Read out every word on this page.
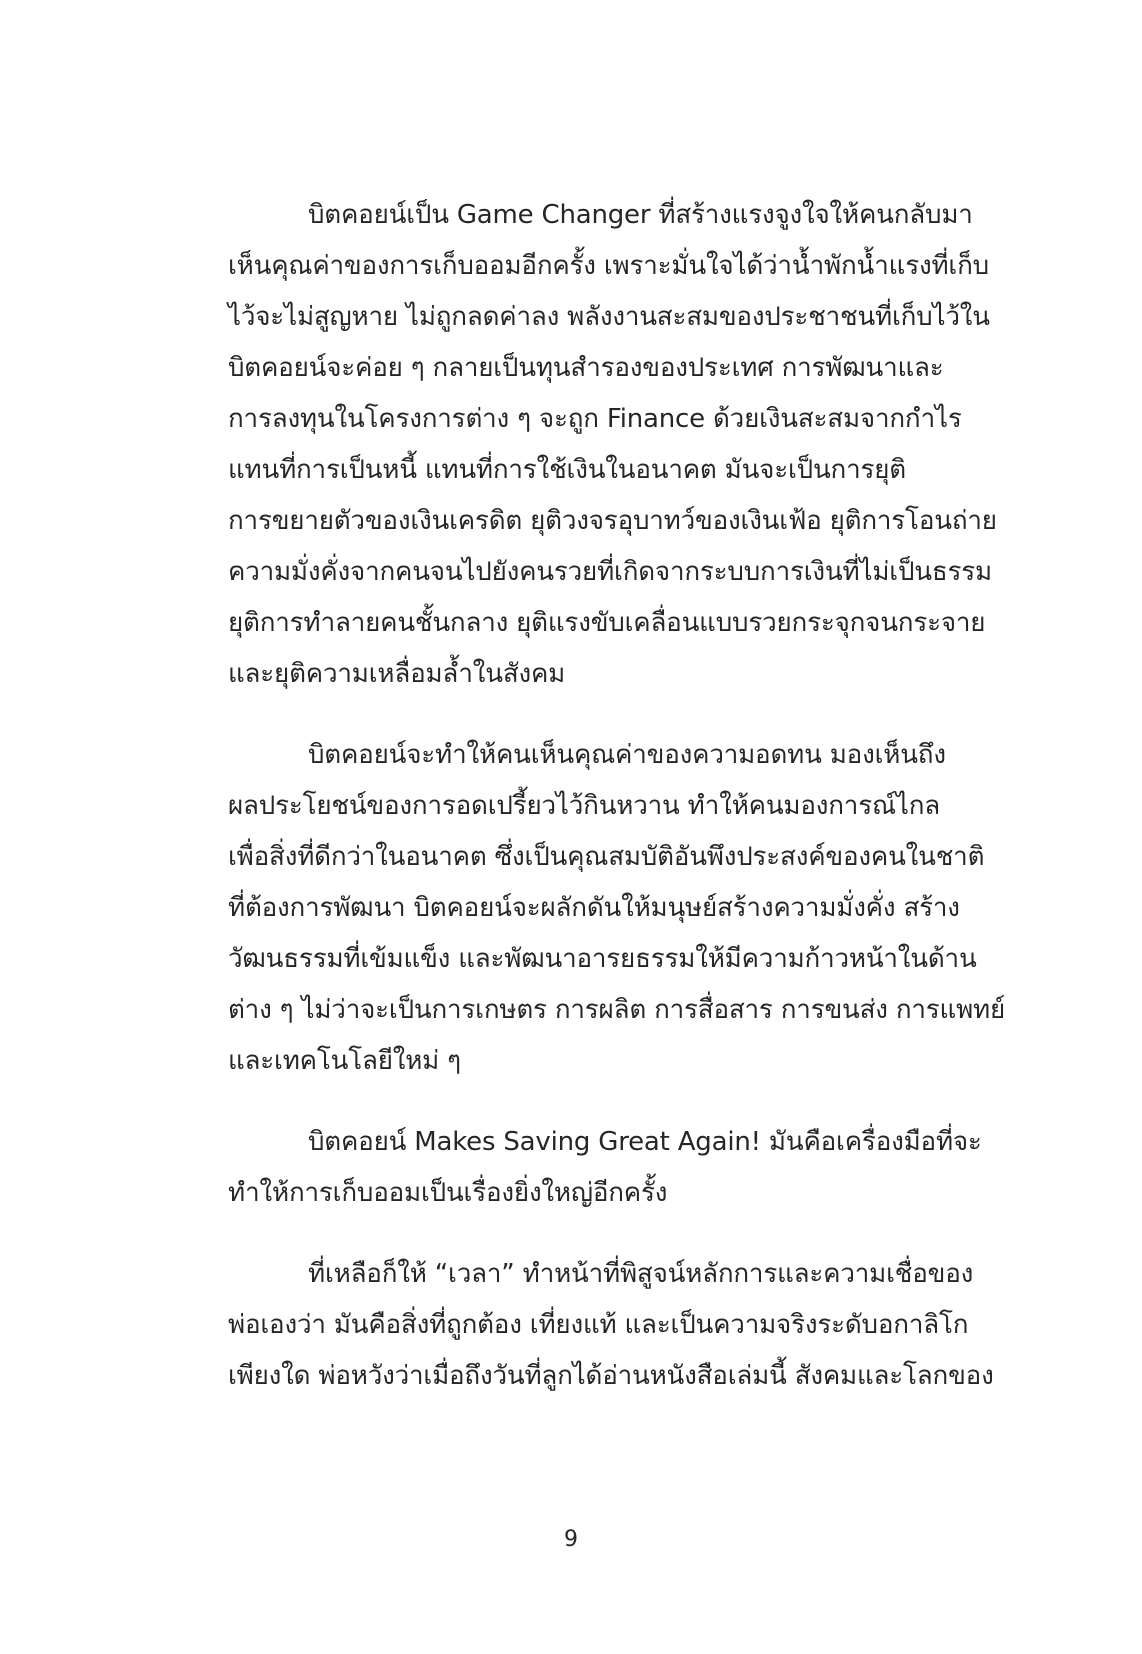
บิตคอยน์เป็น Game Changer ที่สร้างแรงจูงใจให้คนกลับมา
เห็นคุณค่าของการเก็บออมอีกครั้ง เพราะมั่นใจได้ว่าน้ำพักน้ำแรงที่เก็บ
ไว้จะไม่สูญหาย ไม่ถูกลดค่าลง พลังงานสะสมของประชาชนที่เก็บไว้ใน
บิตคอยน์จะค่อย ๆ กลายเป็นทุนสำรองของประเทศ การพัฒนาและ
การลงทุนในโครงการต่าง ๆ จะถูก Finance ด้วยเงินสะสมจากกำไร
แทนที่การเป็นหนี้ แทนที่การใช้เงินในอนาคต มันจะเป็นการยุติ
การขยายตัวของเงินเครดิต ยุติวงจรอุบาทว์ของเงินเฟ้อ ยุติการโอนถ่าย
ความมั่งคั่งจากคนจนไปยังคนรวยที่เกิดจากระบบการเงินที่ไม่เป็นธรรม
ยุติการทำลายคนชั้นกลาง ยุติแรงขับเคลื่อนแบบรวยกระจุกจนกระจาย
และยุติความเหลื่อมล้ำในสังคม

บิตคอยน์จะทำให้คนเห็นคุณค่าของความอดทน มองเห็นถึง
ผลประโยชน์ของการอดเปรี้ยวไว้กินหวาน ทำให้คนมองการณ์ไกล
เพื่อสิ่งที่ดีกว่าในอนาคต ซึ่งเป็นคุณสมบัติอันพึงประสงค์ของคนในชาติ
ที่ต้องการพัฒนา บิตคอยน์จะผลักดันให้มนุษย์สร้างความมั่งคั่ง สร้าง
วัฒนธรรมที่เข้มแข็ง และพัฒนาอารยธรรมให้มีความก้าวหน้าในด้าน
ต่าง ๆ ไม่ว่าจะเป็นการเกษตร การผลิต การสื่อสาร การขนส่ง การแพทย์
และเทคโนโลยีใหม่ ๆ

บิตคอยน์ Makes Saving Great Again! มันคือเครื่องมือที่จะ
ทำให้การเก็บออมเป็นเรื่องยิ่งใหญ่อีกครั้ง

ที่เหลือก็ให้ “เวลา” ทำหน้าที่พิสูจน์หลักการและความเชื่อของ
พ่อเองว่า มันคือสิ่งที่ถูกต้อง เที่ยงแท้ และเป็นความจริงระดับอกาลิโก
เพียงใด พ่อหวังว่าเมื่อถึงวันที่ลูกได้อ่านหนังสือเล่มนี้ สังคมและโลกของ

9
